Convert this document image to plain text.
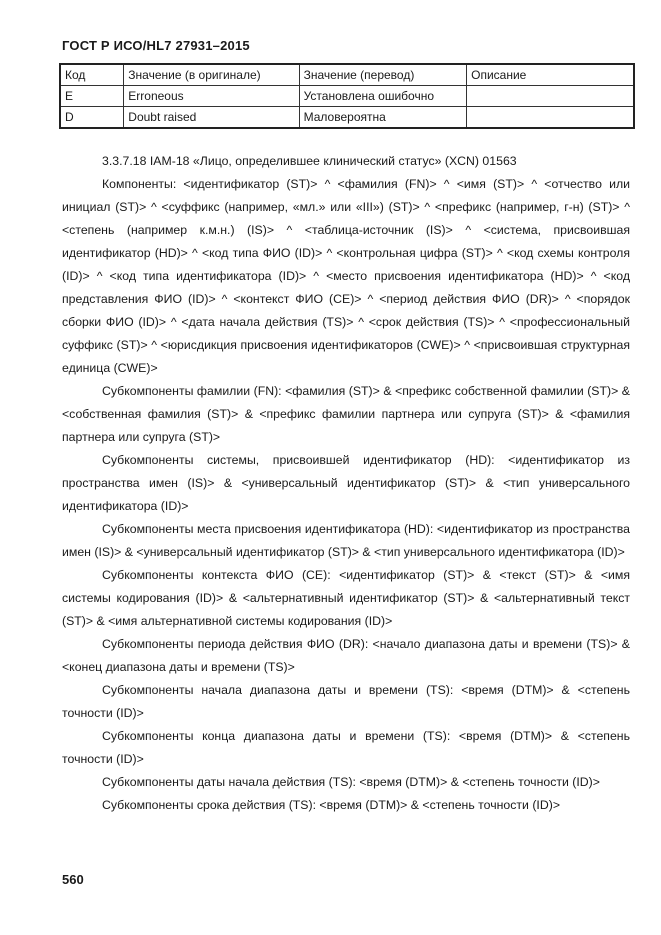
ГОСТ Р ИСО/HL7 27931–2015
Код	Значение (в оригинале)	Значение (перевод)	Описание
E	Erroneous	Установлена ошибочно	
D	Doubt raised	Маловероятна	

3.3.7.18 IAM-18 «Лицо, определившее клинический статус» (XCN) 01563

Компоненты: <идентификатор (ST)> ^ <фамилия (FN)> ^ <имя (ST)> ^ <отчество или инициал (ST)> ^ <суффикс (например, «мл.» или «III») (ST)> ^ <префикс (например, г-н) (ST)> ^ <степень (например к.м.н.) (IS)> ^ <таблица-источник (IS)> ^ <система, присвоившая идентификатор (HD)> ^ <код типа ФИО (ID)> ^ <контрольная цифра (ST)> ^ <код схемы контроля (ID)> ^ <код типа идентификатора (ID)> ^ <место присвоения идентификатора (HD)> ^ <код представления ФИО (ID)> ^ <контекст ФИО (CE)> ^ <период действия ФИО (DR)> ^ <порядок сборки ФИО (ID)> ^ <дата начала действия (TS)> ^ <срок действия (TS)> ^ <профессиональный суффикс (ST)> ^ <юрисдикция присвоения идентификаторов (CWE)> ^ <присвоившая структурная единица (CWE)>

Субкомпоненты фамилии (FN): <фамилия (ST)> & <префикс собственной фамилии (ST)> & <собственная фамилия (ST)> & <префикс фамилии партнера или супруга (ST)> & <фамилия партнера или супруга (ST)>

Субкомпоненты системы, присвоившей идентификатор (HD): <идентификатор из пространства имен (IS)> & <универсальный идентификатор (ST)> & <тип универсального идентификатора (ID)>

Субкомпоненты места присвоения идентификатора (HD): <идентификатор из пространства имен (IS)> & <универсальный идентификатор (ST)> & <тип универсального идентификатора (ID)>

Субкомпоненты контекста ФИО (CE): <идентификатор (ST)> & <текст (ST)> & <имя системы кодирования (ID)> & <альтернативный идентификатор (ST)> & <альтернативный текст (ST)> & <имя альтернативной системы кодирования (ID)>

Субкомпоненты периода действия ФИО (DR): <начало диапазона даты и времени (TS)> & <конец диапазона даты и времени (TS)>

Субкомпоненты начала диапазона даты и времени (TS): <время (DTM)> & <степень точности (ID)>

Субкомпоненты конца диапазона даты и времени (TS): <время (DTM)> & <степень точности (ID)>

Субкомпоненты даты начала действия (TS): <время (DTM)> & <степень точности (ID)>

Субкомпоненты срока действия (TS): <время (DTM)> & <степень точности (ID)>

560
